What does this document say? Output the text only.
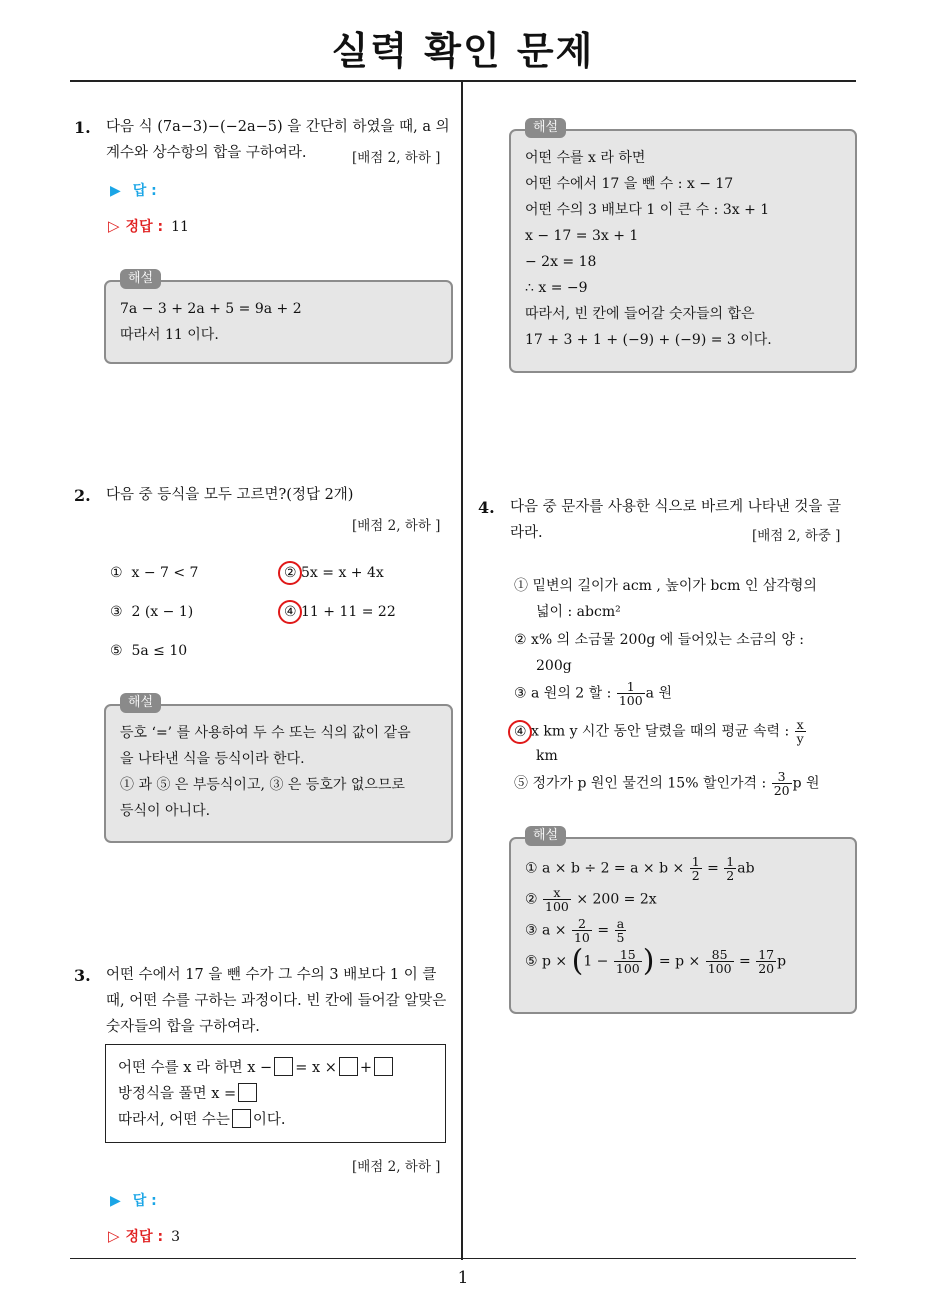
실력 확인 문제
1. 다음 식 (7a−3)−(−2a−5) 을 간단히 하였을 때, a 의
계수와 상수항의 합을 구하여라.	[배점 2, 하하 ]
▶ 답 :
▷ 정답 : 11
해설
7a − 3 + 2a + 5 = 9a + 2
따라서 11 이다.
2. 다음 중 등식을 모두 고르면?(정답 2개)
[배점 2, 하하 ]
① x − 7 < 7	② 5x = x + 4x
③ 2 (x − 1)	④ 11 + 11 = 22
⑤ 5a ≤ 10
해설
등호 ‘=’ 를 사용하여 두 수 또는 식의 값이 같음
을 나타낸 식을 등식이라 한다.
① 과 ⑤ 은 부등식이고, ③ 은 등호가 없으므로
등식이 아니다.
3. 어떤 수에서 17 을 뺀 수가 그 수의 3 배보다 1 이 클
때, 어떤 수를 구하는 과정이다. 빈 칸에 들어갈 알맞은
숫자들의 합을 구하여라.
어떤 수를 x 라 하면 x − = x × +
방정식을 풀면 x =
따라서, 어떤 수는 이다.
[배점 2, 하하 ]
▶ 답 :
▷ 정답 : 3
해설
어떤 수를 x 라 하면
어떤 수에서 17 을 뺀 수 : x − 17
어떤 수의 3 배보다 1 이 큰 수 : 3x + 1
x − 17 = 3x + 1
− 2x = 18
∴ x = −9
따라서, 빈 칸에 들어갈 숫자들의 합은
17 + 3 + 1 + (−9) + (−9) = 3 이다.
4. 다음 중 문자를 사용한 식으로 바르게 나타낸 것을 골
라라.	[배점 2, 하중 ]
① 밑변의 길이가 acm , 높이가 bcm 인 삼각형의
넓이 : abcm²
② x% 의 소금물 200g 에 들어있는 소금의 양 :
200g
③ a 원의 2 할 : $\frac{1}{100}$ a 원
④ x km y 시간 동안 달렸을 때의 평균 속력 : $\frac{x}{y}$
km
⑤ 정가가 p 원인 물건의 15% 할인가격 : $\frac{3}{20}$ p 원
해설
① $a \times b \div 2 = a \times b \times \frac{1}{2} = \frac{1}{2}$ ab
② $\frac{x}{100} \times 200 = 2x$
③ $a \times \frac{2}{10} = \frac{a}{5}$
⑤ $p \times (1 - \frac{15}{100}$ ) = $p \times \frac{85}{100} = \frac{17}{20}$ p
1
